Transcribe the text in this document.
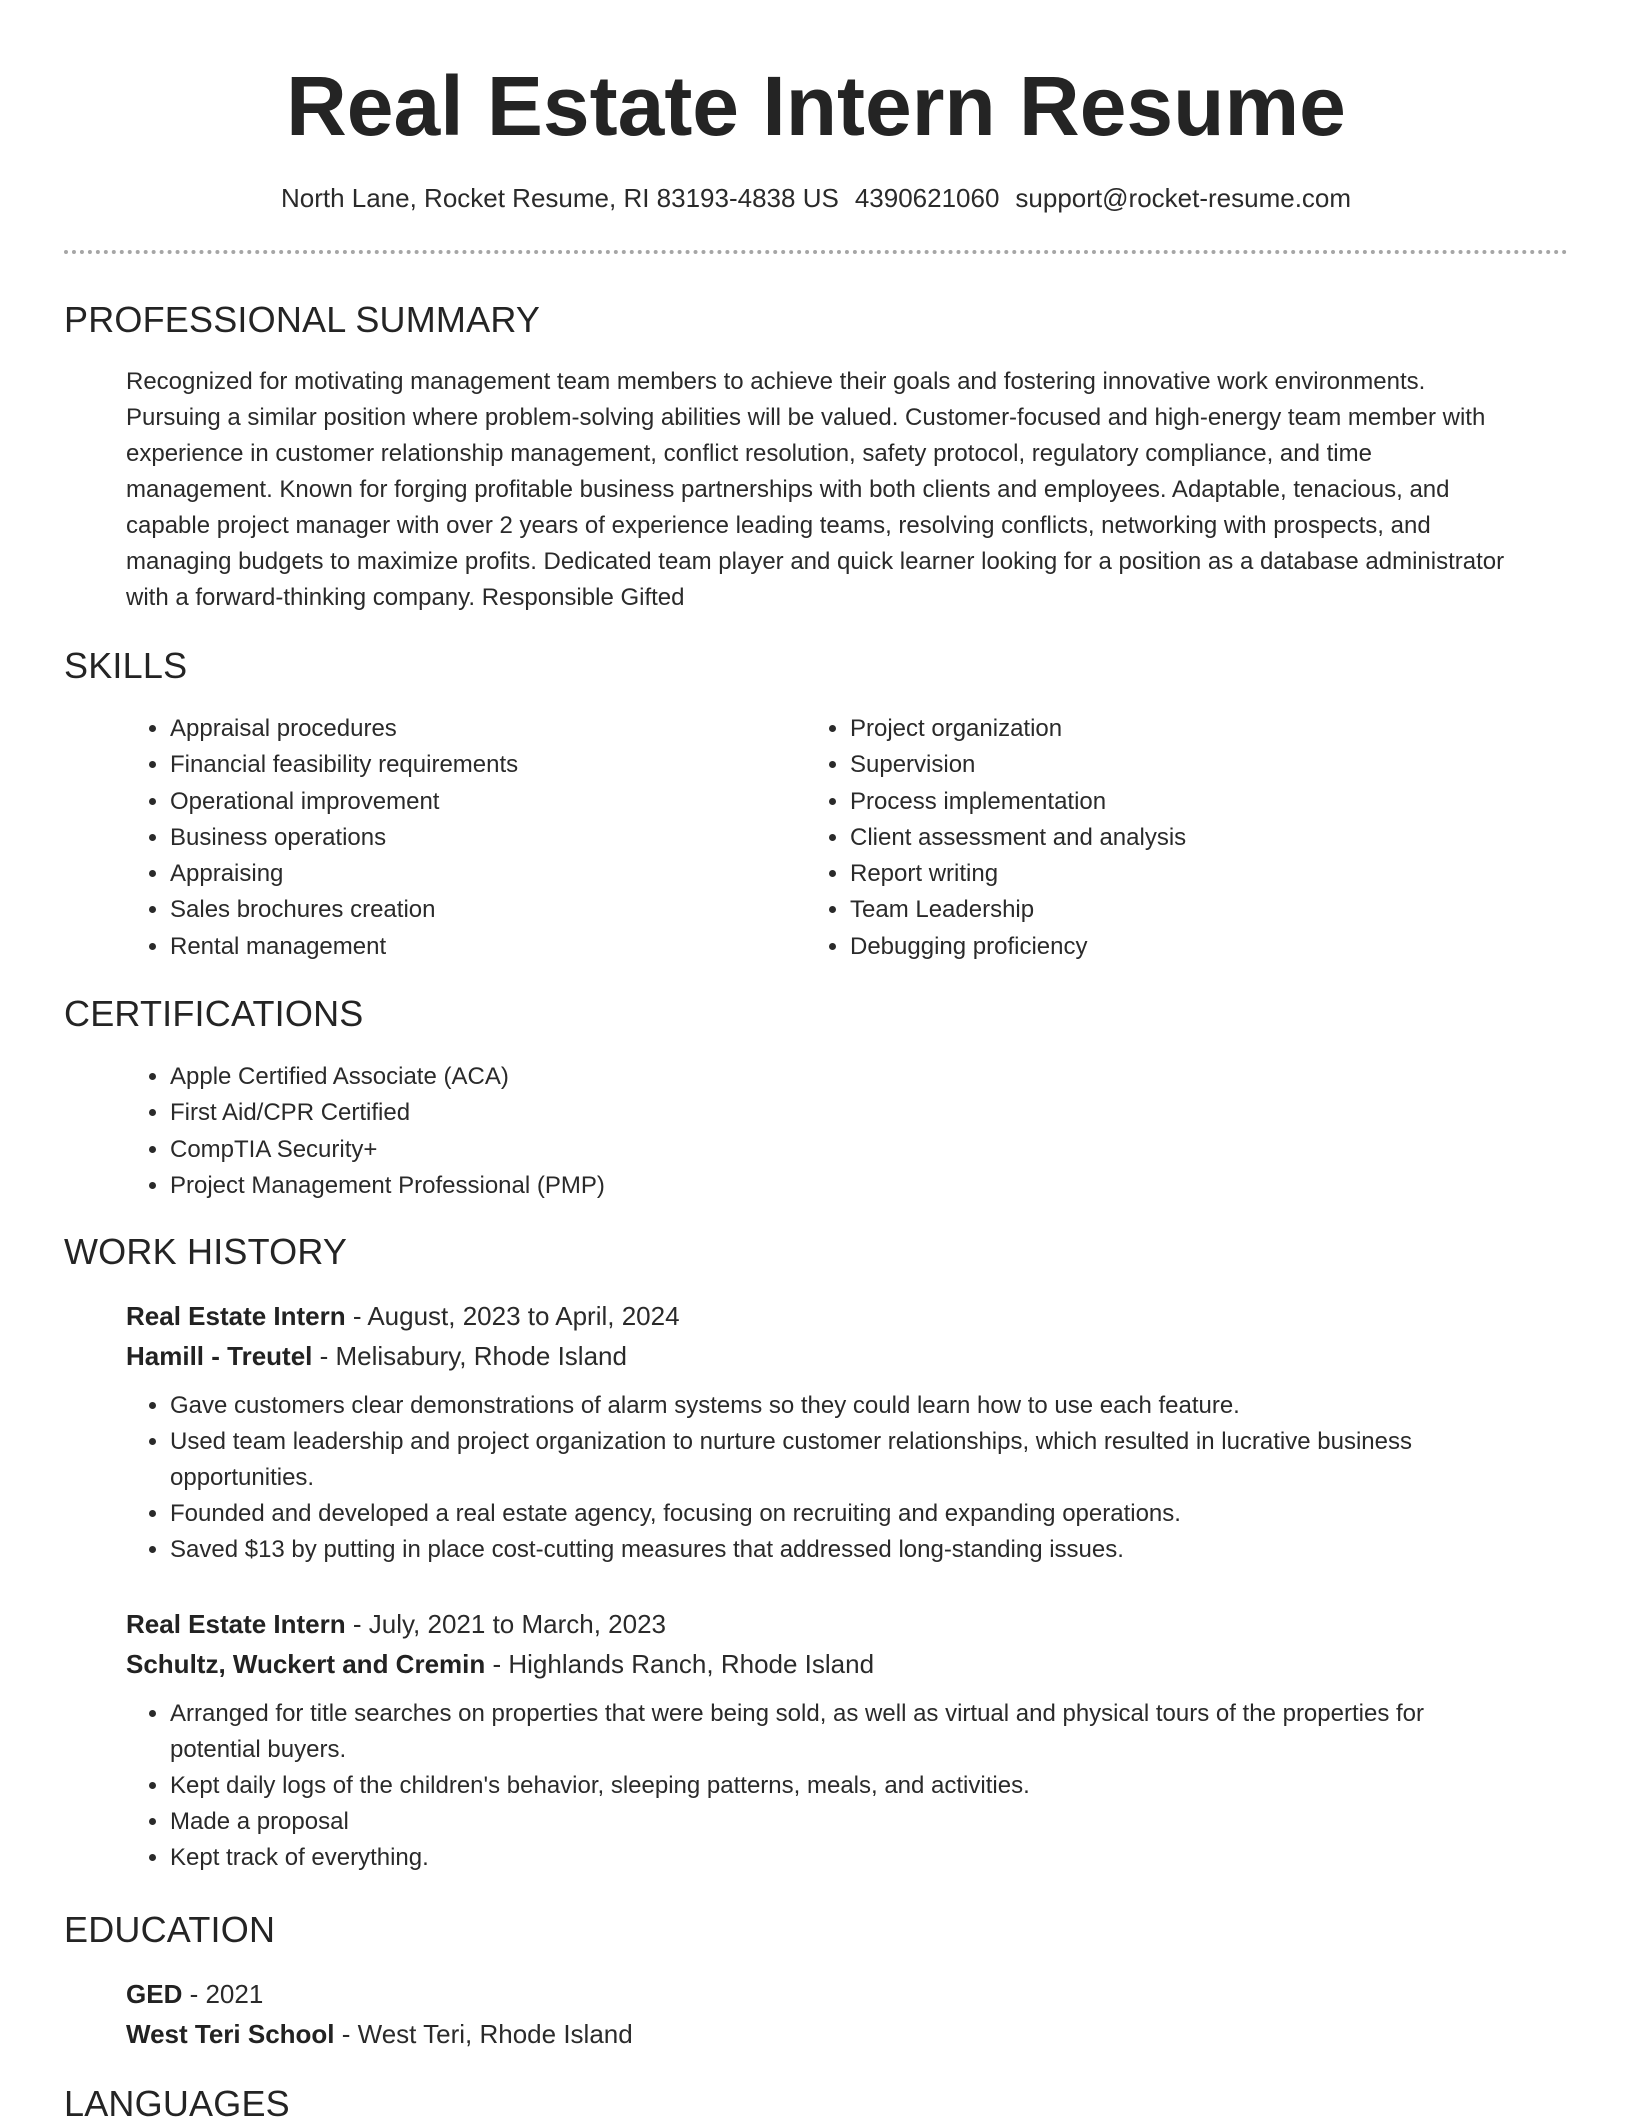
Real Estate Intern Resume
North Lane, Rocket Resume, RI 83193-4838 US 4390621060 support@rocket-resume.com
PROFESSIONAL SUMMARY
Recognized for motivating management team members to achieve their goals and fostering innovative work environments. Pursuing a similar position where problem-solving abilities will be valued. Customer-focused and high-energy team member with experience in customer relationship management, conflict resolution, safety protocol, regulatory compliance, and time management. Known for forging profitable business partnerships with both clients and employees. Adaptable, tenacious, and capable project manager with over 2 years of experience leading teams, resolving conflicts, networking with prospects, and managing budgets to maximize profits. Dedicated team player and quick learner looking for a position as a database administrator with a forward-thinking company. Responsible Gifted
SKILLS
• Appraisal procedures
• Financial feasibility requirements
• Operational improvement
• Business operations
• Appraising
• Sales brochures creation
• Rental management
• Project organization
• Supervision
• Process implementation
• Client assessment and analysis
• Report writing
• Team Leadership
• Debugging proficiency
CERTIFICATIONS
• Apple Certified Associate (ACA)
• First Aid/CPR Certified
• CompTIA Security+
• Project Management Professional (PMP)
WORK HISTORY
Real Estate Intern - August, 2023 to April, 2024
Hamill - Treutel - Melisabury, Rhode Island
• Gave customers clear demonstrations of alarm systems so they could learn how to use each feature.
• Used team leadership and project organization to nurture customer relationships, which resulted in lucrative business opportunities.
• Founded and developed a real estate agency, focusing on recruiting and expanding operations.
• Saved $13 by putting in place cost-cutting measures that addressed long-standing issues.
Real Estate Intern - July, 2021 to March, 2023
Schultz, Wuckert and Cremin - Highlands Ranch, Rhode Island
• Arranged for title searches on properties that were being sold, as well as virtual and physical tours of the properties for potential buyers.
• Kept daily logs of the children's behavior, sleeping patterns, meals, and activities.
• Made a proposal
• Kept track of everything.
EDUCATION
GED - 2021
West Teri School - West Teri, Rhode Island
LANGUAGES
